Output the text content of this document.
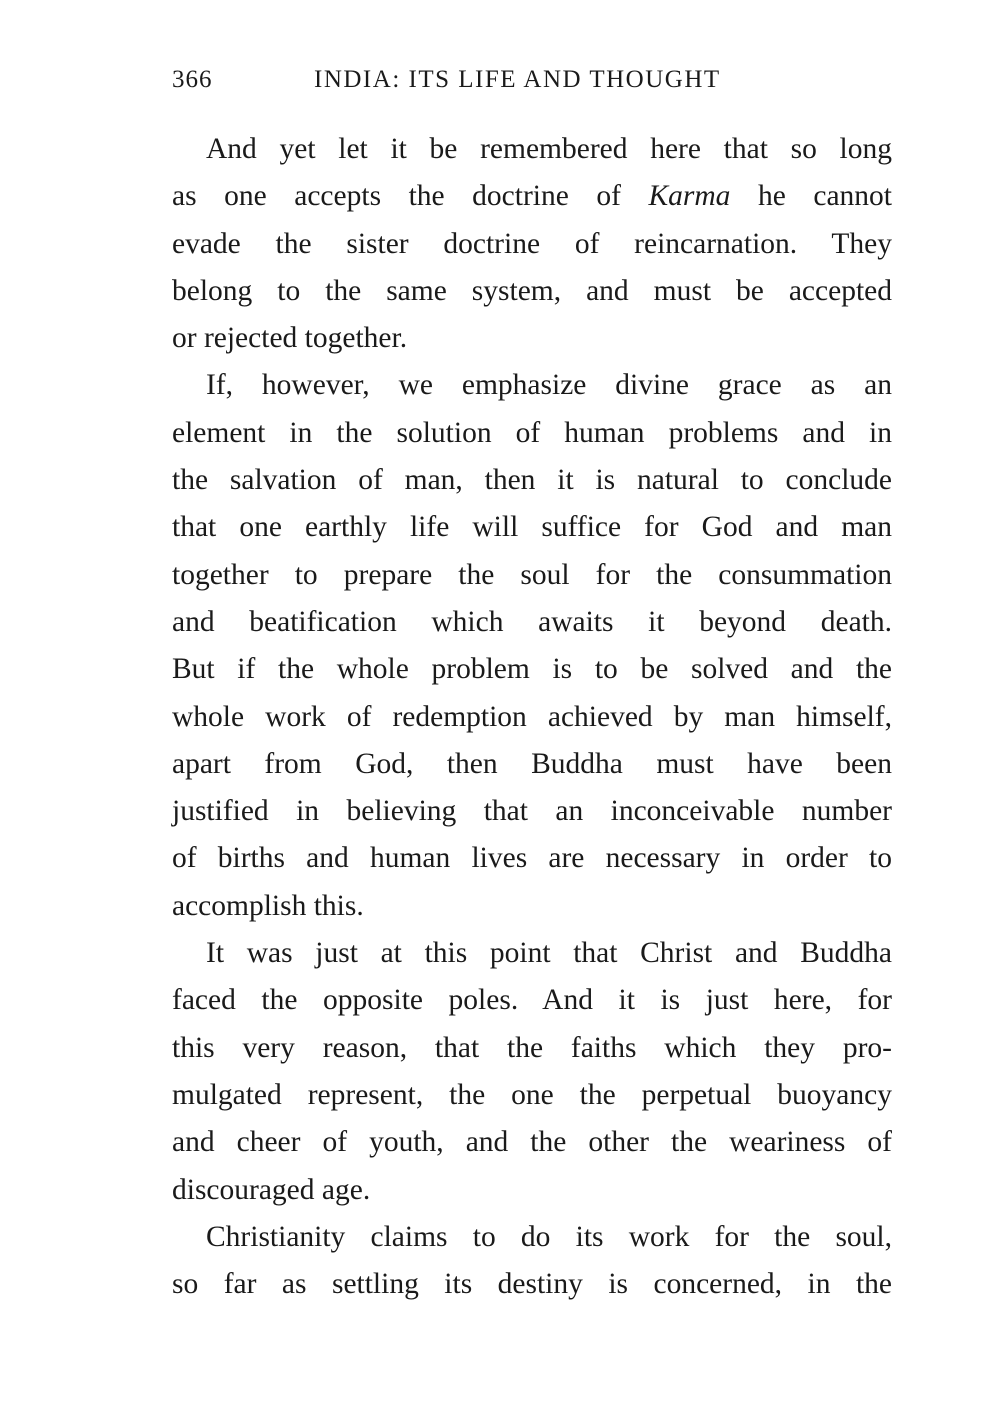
366	INDIA: ITS LIFE AND THOUGHT
And yet let it be remembered here that so long
as one accepts the doctrine of Karma he cannot
evade the sister doctrine of reincarnation. They
belong to the same system, and must be accepted
or rejected together.
If, however, we emphasize divine grace as an
element in the solution of human problems and in
the salvation of man, then it is natural to conclude
that one earthly life will suffice for God and man
together to prepare the soul for the consummation
and beatification which awaits it beyond death.
But if the whole problem is to be solved and the
whole work of redemption achieved by man himself,
apart from God, then Buddha must have been
justified in believing that an inconceivable number
of births and human lives are necessary in order to
accomplish this.
It was just at this point that Christ and Buddha
faced the opposite poles. And it is just here, for
this very reason, that the faiths which they pro-
mulgated represent, the one the perpetual buoyancy
and cheer of youth, and the other the weariness of
discouraged age.
Christianity claims to do its work for the soul,
so far as settling its destiny is concerned, in the
